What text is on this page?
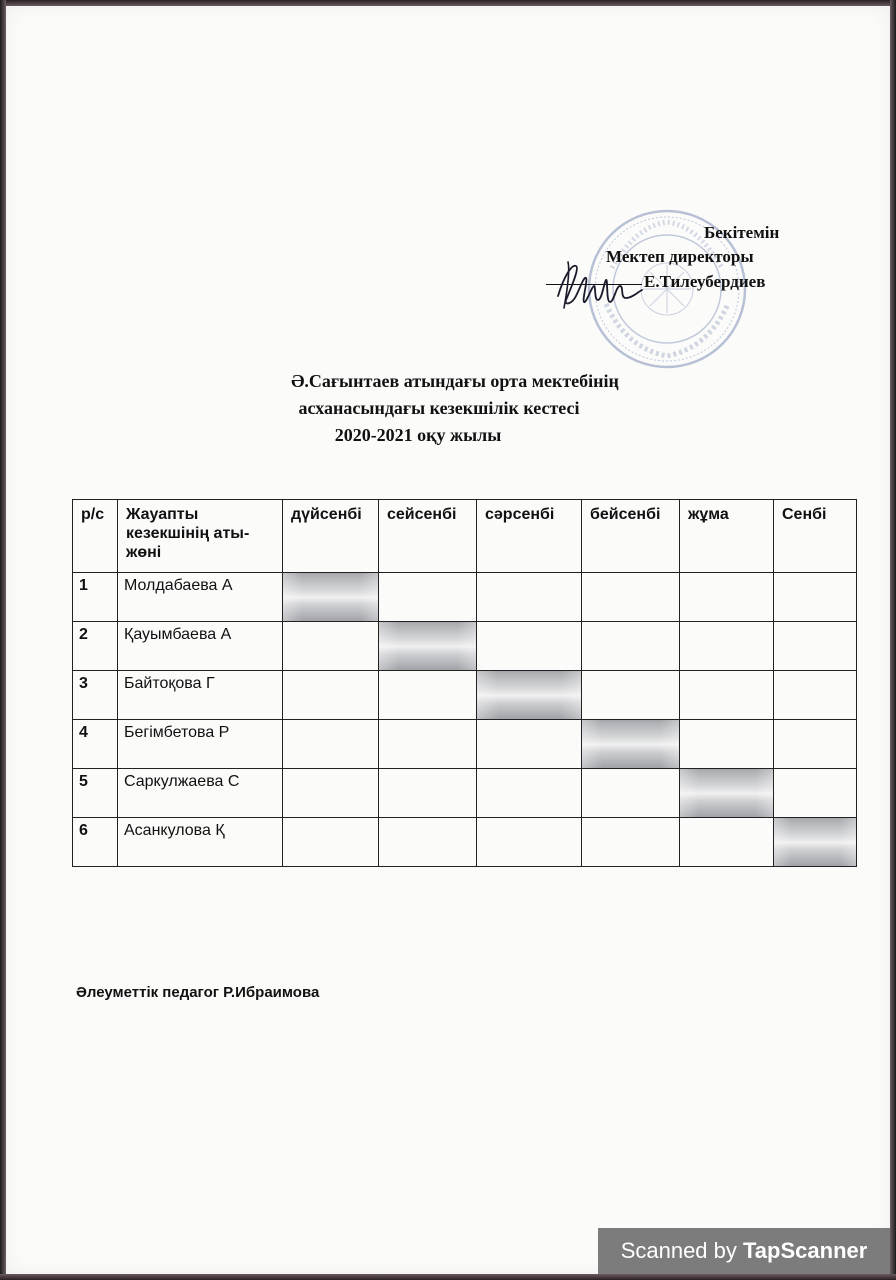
Бекітемін
Мектеп директоры
Е.Тилеубердиев
Ә.Сағынтаев атындағы орта мектебінің
асханасындағы кезекшілік кестесі
2020-2021 оқу жылы
р/с	Жауапты кезекшінің аты-жөні	дүйсенбі	сейсенбі	сәрсенбі	бейсенбі	жұма	Сенбі

1	Молдабаева А						

2	Қауымбаева А						

3	Байтоқова Г						

4	Бегімбетова Р						

5	Саркулжаева С						

6	Асанкулова Қ						

Әлеуметтік педагог Р.Ибраимова
Scanned by TapScanner
